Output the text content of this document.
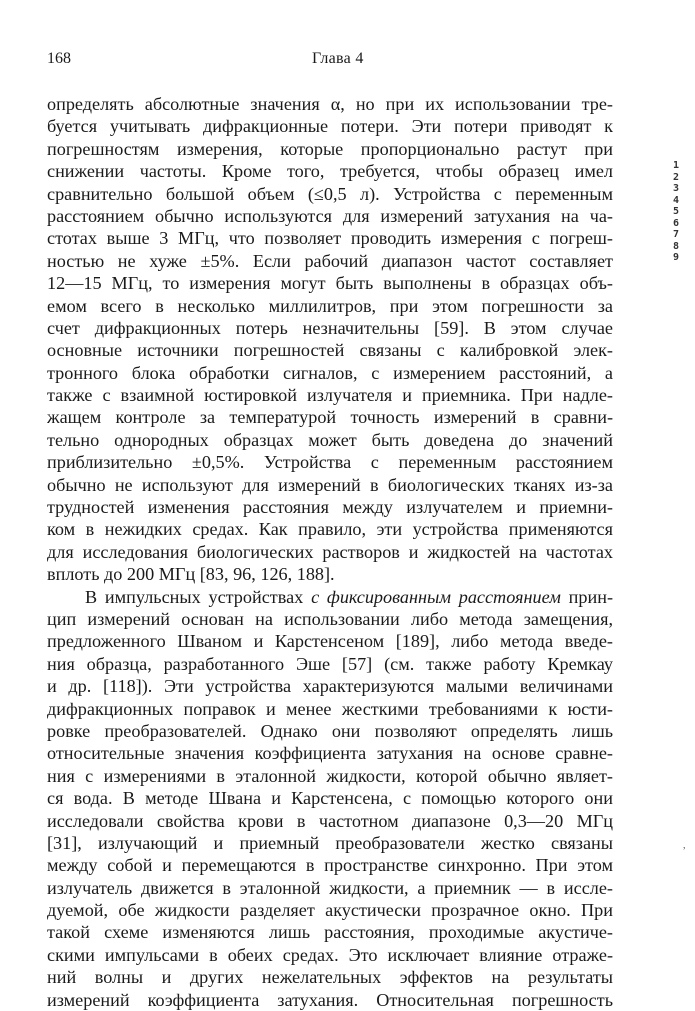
168	Глава 4
определять абсолютные значения α, но при их использовании тре-
буется учитывать дифракционные потери. Эти потери приводят к
погрешностям измерения, которые пропорционально растут при
снижении частоты. Кроме того, требуется, чтобы образец имел
сравнительно большой объем (≤0,5 л). Устройства с переменным
расстоянием обычно используются для измерений затухания на ча-
стотах выше 3 МГц, что позволяет проводить измерения с погреш-
ностью не хуже ±5%. Если рабочий диапазон частот составляет
12—15 МГц, то измерения могут быть выполнены в образцах объ-
емом всего в несколько миллилитров, при этом погрешности за
счет дифракционных потерь незначительны [59]. В этом случае
основные источники погрешностей связаны с калибровкой элек-
тронного блока обработки сигналов, с измерением расстояний, а
также с взаимной юстировкой излучателя и приемника. При надле-
жащем контроле за температурой точность измерений в сравни-
тельно однородных образцах может быть доведена до значений
приблизительно ±0,5%. Устройства с переменным расстоянием
обычно не используют для измерений в биологических тканях из-за
трудностей изменения расстояния между излучателем и приемни-
ком в нежидких средах. Как правило, эти устройства применяются
для исследования биологических растворов и жидкостей на частотах
вплоть до 200 МГц [83, 96, 126, 188].
В импульсных устройствах с фиксированным расстоянием прин-
цип измерений основан на использовании либо метода замещения,
предложенного Шваном и Карстенсеном [189], либо метода введе-
ния образца, разработанного Эше [57] (см. также работу Кремкау
и др. [118]). Эти устройства характеризуются малыми величинами
дифракционных поправок и менее жесткими требованиями к юсти-
ровке преобразователей. Однако они позволяют определять лишь
относительные значения коэффициента затухания на основе сравне-
ния с измерениями в эталонной жидкости, которой обычно являет-
ся вода. В методе Швана и Карстенсена, с помощью которого они
исследовали свойства крови в частотном диапазоне 0,3—20 МГц
[31], излучающий и приемный преобразователи жестко связаны
между собой и перемещаются в пространстве синхронно. При этом
излучатель движется в эталонной жидкости, а приемник — в иссле-
дуемой, обе жидкости разделяет акустически прозрачное окно. При
такой схеме изменяются лишь расстояния, проходимые акустиче-
скими импульсами в обеих средах. Это исключает влияние отраже-
ний волны и других нежелательных эффектов на результаты
измерений коэффициента затухания. Относительная погрешность
1
2
3
4
5
6
7
8
9
,
